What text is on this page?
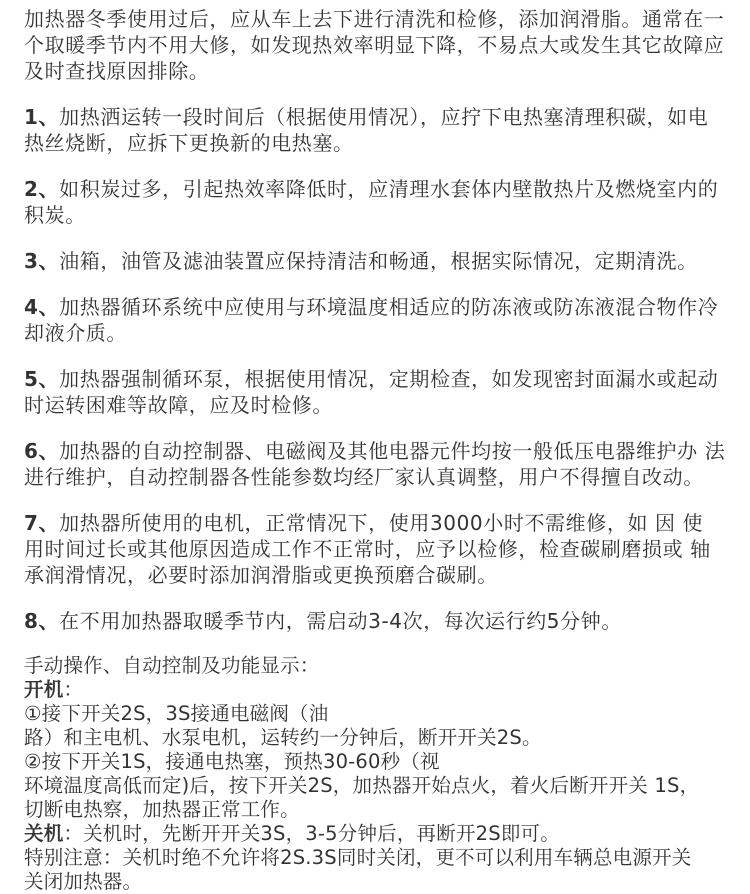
加热器冬季使用过后，应从车上去下进行清洗和检修，添加润滑脂。通常在一个取暖季节内不用大修，如发现热效率明显下降，不易点大或发生其它故障应及时查找原因排除。

1、加热洒运转一段时间后（根据使用情况），应拧下电热塞清理积碳，如电热丝烧断，应拆下更换新的电热塞。

2、如积炭过多，引起热效率降低时，应清理水套体内壁散热片及燃烧室内的积炭。

3、油箱，油管及滤油装置应保持清洁和畅通，根据实际情况，定期清洗。

4、加热器循环系统中应使用与环境温度相适应的防冻液或防冻液混合物作冷却液介质。

5、加热器强制循环泵，根据使用情况，定期检查，如发现密封面漏水或起动时运转困难等故障，应及时检修。

6、加热器的自动控制器、电磁阀及其他电器元件均按一般低压电器维护办 法进行维护，自动控制器各性能参数均经厂家认真调整，用户不得擅自改动。

7、加热器所使用的电机，正常情况下，使用3000小时不需维修，如 因 使 用时间过长或其他原因造成工作不正常时，应予以检修，检查碳刷磨损或 轴 承润滑情况，必要时添加润滑脂或更换预磨合碳刷。

8、在不用加热器取暖季节内，需启动3-4次，每次运行约5分钟。

手动操作、自动控制及功能显示：
开机：
①接下开关2S，3S接通电磁阀（油
路）和主电机、水泵电机，运转约一分钟后，断开开关2S。
②按下开关1S，接通电热塞，预热30-60秒（视
环境温度高低而定)后，按下开关2S，加热器开始点火，着火后断开开关 1S，
切断电热察，加热器正常工作。
关机：关机时，先断开开关3S，3-5分钟后，再断开2S即可。
特别注意：关机时绝不允许将2S.3S同时关闭，更不可以利用车辆总电源开关
关闭加热器。
